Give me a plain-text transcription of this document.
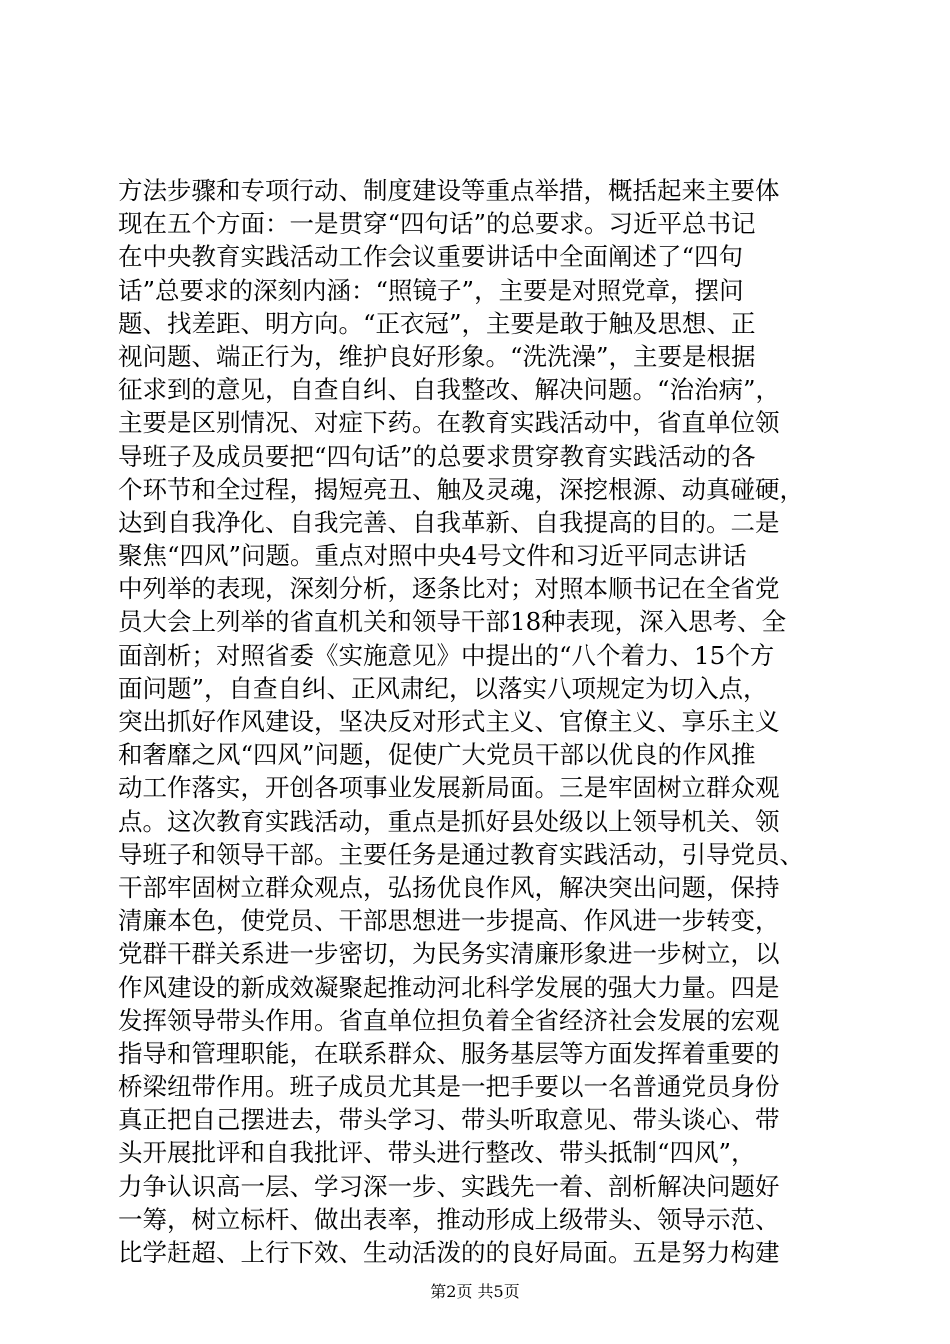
方法步骤和专项行动、制度建设等重点举措，概括起来主要体
现在五个方面：一是贯穿“四句话”的总要求。习近平总书记
在中央教育实践活动工作会议重要讲话中全面阐述了“四句
话”总要求的深刻内涵：“照镜子”，主要是对照党章，摆问
题、找差距、明方向。“正衣冠”，主要是敢于触及思想、正
视问题、端正行为，维护良好形象。“洗洗澡”，主要是根据
征求到的意见，自查自纠、自我整改、解决问题。“治治病”，
主要是区别情况、对症下药。在教育实践活动中，省直单位领
导班子及成员要把“四句话”的总要求贯穿教育实践活动的各
个环节和全过程，揭短亮丑、触及灵魂，深挖根源、动真碰硬，
达到自我净化、自我完善、自我革新、自我提高的目的。二是
聚焦“四风”问题。重点对照中央4号文件和习近平同志讲话
中列举的表现，深刻分析，逐条比对；对照本顺书记在全省党
员大会上列举的省直机关和领导干部18种表现，深入思考、全
面剖析；对照省委《实施意见》中提出的“八个着力、15个方
面问题”，自查自纠、正风肃纪，以落实八项规定为切入点，
突出抓好作风建设，坚决反对形式主义、官僚主义、享乐主义
和奢靡之风“四风”问题，促使广大党员干部以优良的作风推
动工作落实，开创各项事业发展新局面。三是牢固树立群众观
点。这次教育实践活动，重点是抓好县处级以上领导机关、领
导班子和领导干部。主要任务是通过教育实践活动，引导党员、
干部牢固树立群众观点，弘扬优良作风，解决突出问题，保持
清廉本色，使党员、干部思想进一步提高、作风进一步转变，
党群干群关系进一步密切，为民务实清廉形象进一步树立，以
作风建设的新成效凝聚起推动河北科学发展的强大力量。四是
发挥领导带头作用。省直单位担负着全省经济社会发展的宏观
指导和管理职能，在联系群众、服务基层等方面发挥着重要的
桥梁纽带作用。班子成员尤其是一把手要以一名普通党员身份
真正把自己摆进去，带头学习、带头听取意见、带头谈心、带
头开展批评和自我批评、带头进行整改、带头抵制“四风”，
力争认识高一层、学习深一步、实践先一着、剖析解决问题好
一筹，树立标杆、做出表率，推动形成上级带头、领导示范、
比学赶超、上行下效、生动活泼的的良好局面。五是努力构建
第2页 共5页
